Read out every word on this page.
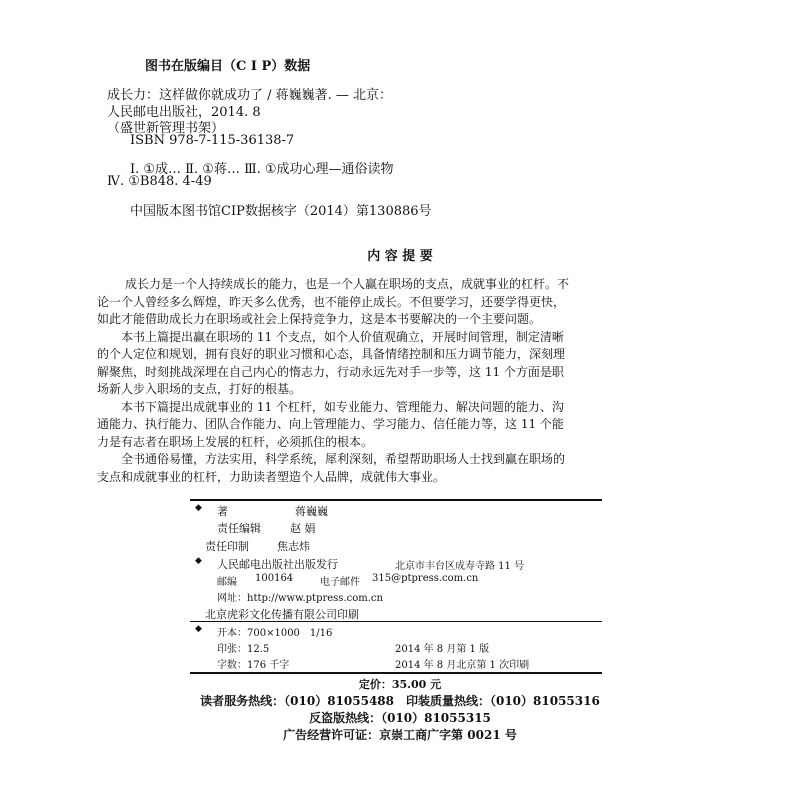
图书在版编目（C I P）数据
成长力：这样做你就成功了 / 蒋巍巍著. — 北京：
人民邮电出版社，2014. 8
（盛世新管理书架）
ISBN 978-7-115-36138-7
Ⅰ. ①成… Ⅱ. ①蒋… Ⅲ. ①成功心理—通俗读物
Ⅳ. ①B848. 4-49
中国版本图书馆CIP数据核字（2014）第130886号
内 容 提 要

成长力是一个人持续成长的能力，也是一个人赢在职场的支点，成就事业的杠杆。不

论一个人曾经多么辉煌，昨天多么优秀，也不能停止成长。不但要学习，还要学得更快，

如此才能借助成长力在职场或社会上保持竞争力，这是本书要解决的一个主要问题。

本书上篇提出赢在职场的 11 个支点，如个人价值观确立，开展时间管理，制定清晰

的个人定位和规划，拥有良好的职业习惯和心态，具备情绪控制和压力调节能力，深刻理

解聚焦，时刻挑战深埋在自己内心的惰志力，行动永远先对手一步等，这 11 个方面是职

场新人步入职场的支点，打好的根基。

本书下篇提出成就事业的 11 个杠杆，如专业能力、管理能力、解决问题的能力、沟

通能力、执行能力、团队合作能力、向上管理能力、学习能力、信任能力等，这 11 个能

力是有志者在职场上发展的杠杆，必须抓住的根本。

全书通俗易懂，方法实用，科学系统，犀利深刻，希望帮助职场人士找到赢在职场的

支点和成就事业的杠杆，力助读者塑造个人品牌，成就伟大事业。

◆ 著	蒋巍巍
责任编辑	赵 娟
责任印制	焦志炜
◆ 人民邮电出版社出版发行	北京市丰台区成寿寺路 11 号
邮编 100164	电子邮件 315@ptpress.com.cn
网址：http://www.ptpress.com.cn
北京虎彩文化传播有限公司印刷
◆ 开本：700×1000　1/16
印张：12.5	2014 年 8 月第 1 版
字数：176 千字	2014 年 8 月北京第 1 次印刷
定价：35.00 元
读者服务热线：（010）81055488　印装质量热线：（010）81055316
反盗版热线：（010）81055315
广告经营许可证：京崇工商广字第 0021 号
